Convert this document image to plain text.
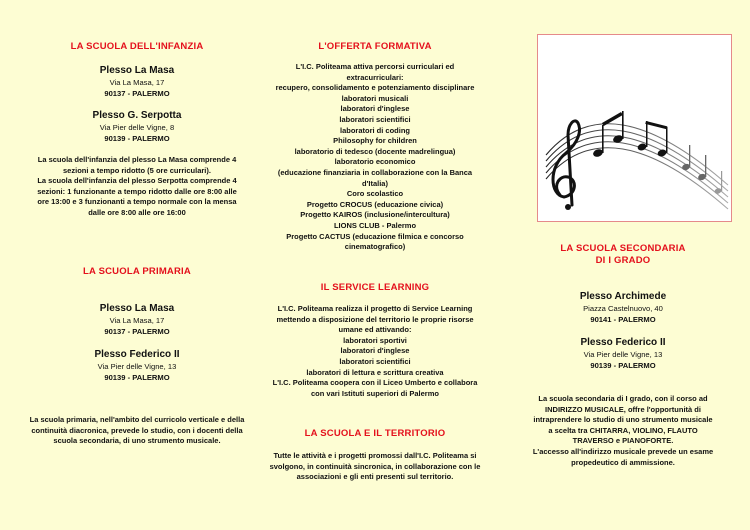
LA SCUOLA DELL'INFANZIA
Plesso La Masa
Via La Masa, 17
90137 - PALERMO
Plesso G. Serpotta
Via Pier delle Vigne, 8
90139 - PALERMO
La scuola dell'infanzia del plesso La Masa comprende 4
sezioni a tempo ridotto (5 ore curriculari).
La scuola dell'infanzia del plesso Serpotta comprende 4
sezioni: 1 funzionante a tempo ridotto dalle ore 8:00 alle
ore 13:00 e 3 funzionanti a tempo normale con la mensa
dalle ore 8:00 alle ore 16:00
LA SCUOLA PRIMARIA
Plesso La Masa
Via La Masa, 17
90137 - PALERMO
Plesso Federico II
Via Pier delle Vigne, 13
90139 - PALERMO
La scuola primaria, nell'ambito del curricolo verticale e della
continuità diacronica, prevede lo studio, con i docenti della
scuola secondaria, di uno strumento musicale.
L'OFFERTA FORMATIVA
L'I.C. Politeama attiva percorsi curriculari ed
extracurriculari:
recupero, consolidamento e potenziamento disciplinare
laboratori musicali
laboratori d'inglese
laboratori scientifici
laboratori di coding
Philosophy for children
laboratorio di tedesco (docente madrelingua)
laboratorio economico
(educazione finanziaria in collaborazione con la Banca
d'Italia)
Coro scolastico
Progetto CROCUS (educazione civica)
Progetto KAIROS (inclusione/intercultura)
LIONS CLUB - Palermo
Progetto CACTUS (educazione filmica e concorso
cinematografico)
IL SERVICE LEARNING
L'I.C. Politeama realizza il progetto di Service Learning
mettendo a disposizione del territorio le proprie risorse
umane ed attivando:
laboratori sportivi
laboratori d'inglese
laboratori scientifici
laboratori di lettura e scrittura creativa
L'I.C. Politeama coopera con il Liceo Umberto e collabora
con vari Istituti superiori di Palermo
LA SCUOLA E IL TERRITORIO
Tutte le attività e i progetti promossi dall'I.C. Politeama si
svolgono, in continuità sincronica, in collaborazione con le
associazioni e gli enti presenti sul territorio.
LA SCUOLA SECONDARIA
DI I GRADO
Plesso Archimede
Piazza Castelnuovo, 40
90141 - PALERMO
Plesso Federico II
Via Pier delle Vigne, 13
90139 - PALERMO
La scuola secondaria di I grado, con il corso ad
INDIRIZZO MUSICALE, offre l'opportunità di
intraprendere lo studio di uno strumento musicale
a scelta tra CHITARRA, VIOLINO, FLAUTO
TRAVERSO e PIANOFORTE.
L'accesso all'indirizzo musicale prevede un esame
propedeutico di ammissione.
